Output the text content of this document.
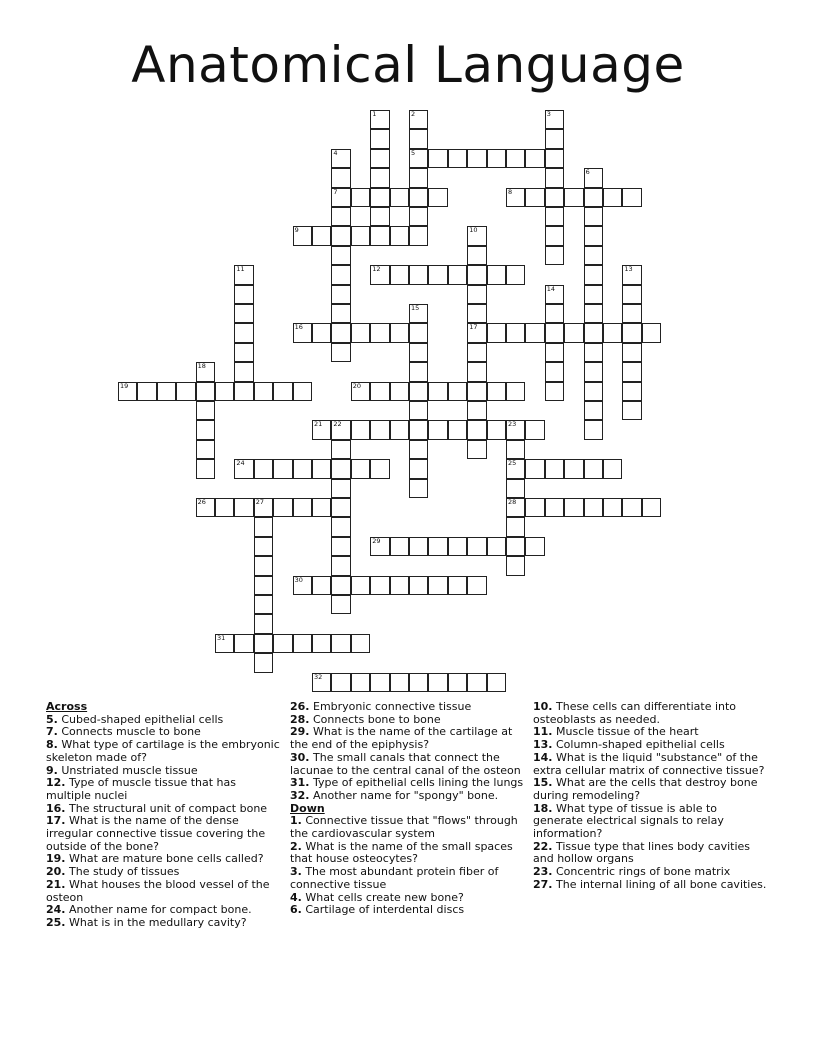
Anatomical Language
1	2
5
3
4
7
6
8
9	10
17
11	12	13
14
15
16
18
19	20
21 22	23
25
28
24
26	27
29
30
31
32

Across

5. Cubed-shaped epithelial cells

7. Connects muscle to bone

8. What type of cartilage is the embryonic skeleton made of?

9. Unstriated muscle tissue

12. Type of muscle tissue that has multiple nuclei

16. The structural unit of compact bone

17. What is the name of the dense irregular connective tissue covering the outside of the bone?

19. What are mature bone cells called?

20. The study of tissues

21. What houses the blood vessel of the osteon

24. Another name for compact bone.

25. What is in the medullary cavity?

26. Embryonic connective tissue

28. Connects bone to bone

29. What is the name of the cartilage at the end of the epiphysis?

30. The small canals that connect the lacunae to the central canal of the osteon

31. Type of epithelial cells lining the lungs

32. Another name for "spongy" bone.

Down

1. Connective tissue that "flows" through the cardiovascular system

2. What is the name of the small spaces that house osteocytes?

3. The most abundant protein fiber of connective tissue

4. What cells create new bone?

6. Cartilage of interdental discs

10. These cells can differentiate into osteoblasts as needed.

11. Muscle tissue of the heart

13. Column-shaped epithelial cells

14. What is the liquid "substance" of the extra cellular matrix of connective tissue?

15. What are the cells that destroy bone during remodeling?

18. What type of tissue is able to generate electrical signals to relay information?

22. Tissue type that lines body cavities and hollow organs

23. Concentric rings of bone matrix

27. The internal lining of all bone cavities.
